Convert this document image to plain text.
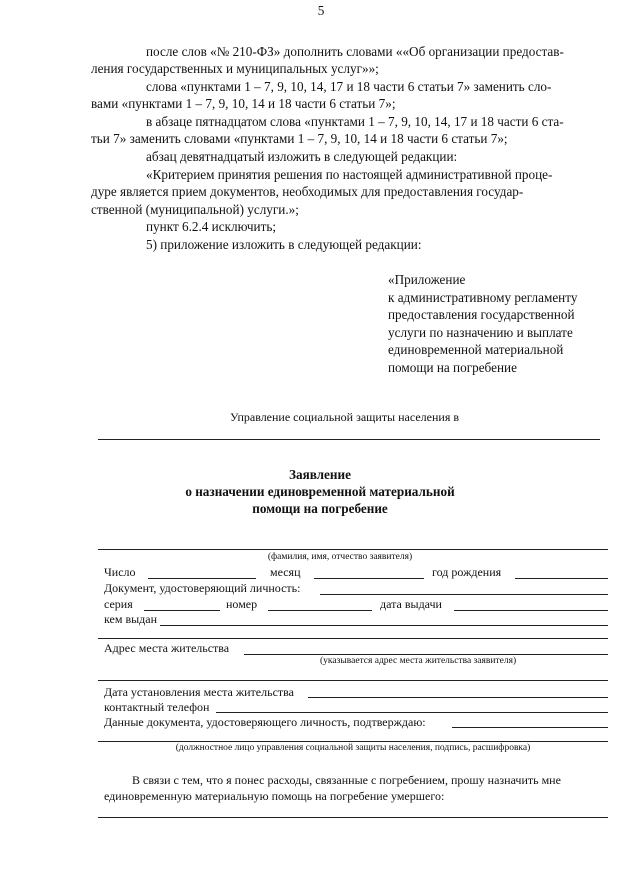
5
после слов «№ 210-ФЗ» дополнить словами ««Об организации предостав-
ления государственных и муниципальных услуг»»;
слова «пунктами 1 – 7, 9, 10, 14, 17 и 18 части 6 статьи 7» заменить сло-
вами «пунктами 1 – 7, 9, 10, 14 и 18 части 6 статьи 7»;
в абзаце пятнадцатом слова «пунктами 1 – 7, 9, 10, 14, 17 и 18 части 6 ста-
тьи 7» заменить словами «пунктами 1 – 7, 9, 10, 14 и 18 части 6 статьи 7»;
абзац девятнадцатый изложить в следующей редакции:
«Критерием принятия решения по настоящей административной проце-
дуре является прием документов, необходимых для предоставления государ-
ственной (муниципальной) услуги.»;
пункт 6.2.4 исключить;
5) приложение изложить в следующей редакции:
«Приложение
к административному регламенту
предоставления государственной
услуги по назначению и выплате
единовременной материальной
помощи на погребение
Управление социальной защиты населения в
Заявление
о назначении единовременной материальной
помощи на погребение
(фамилия, имя, отчество заявителя)
Число	месяц	год рождения
Документ, удостоверяющий личность:
серия	номер	дата выдачи
кем выдан
Адрес места жительства
(указывается адрес места жительства заявителя)
Дата установления места жительства
контактный телефон
Данные документа, удостоверяющего личность, подтверждаю:
(должностное лицо управления социальной защиты населения, подпись, расшифровка)
В связи с тем, что я понес расходы, связанные с погребением, прошу назначить мне
единовременную материальную помощь на погребение умершего:
